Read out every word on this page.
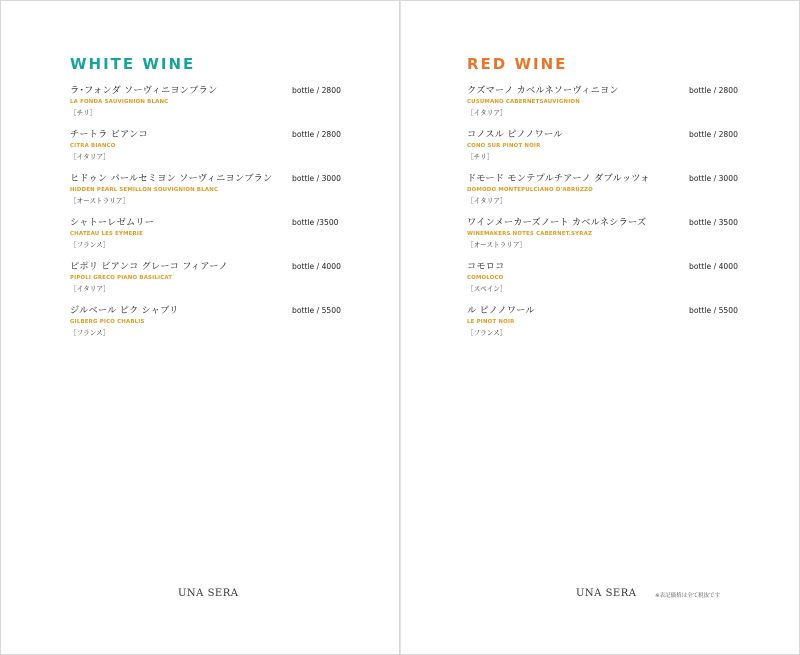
WHITE WINE
ラ･フォンダ ソーヴィニヨンブラン
LA FONDA SAUVIGNION BLANC
［チリ］
bottle / 2800
チートラ ビアンコ
CITRA BIANCO
［イタリア］
bottle / 2800
ヒドゥン パールセミヨン ソーヴィニヨンブラン
HIDDEN PEARL SEMILLON SOUVIGNION BLANC
［オーストラリア］
bottle / 3000
シャトーレゼムリー
CHATEAU LES EYMERIE
［フランス］
bottle /3500
ピポリ ビアンコ グレーコ フィアーノ
PIPOLI GRECO PIANO BASILICAT
［イタリア］
bottle / 4000
ジルベール ピク シャブリ
GILBERG PICO CHABLIS
［フランス］
bottle / 5500
UNA SERA
RED WINE
クズマーノ カベルネソーヴィニヨン
CUSUMANO CABERNETSAUVIGNION
［イタリア］
bottle / 2800
コノスル ピノノワール
CONO SUR PINOT NOIR
［チリ］
bottle / 2800
ドモード モンテプルチアーノ ダブルッツォ
DOMODO MONTEPULCIANO D'ABRUZZO
［イタリア］
bottle / 3000
ワインメーカーズノート カベルネシラーズ
WINEMAKERS NOTES CABERNET.SYRAZ
［オーストラリア］
bottle / 3500
コモロコ
COMOLOCO
［スペイン］
bottle / 4000
ル ピノノワール
LE PINOT NOIR
［フランス］
bottle / 5500
UNA SERA	※表記価格は全て税抜です
